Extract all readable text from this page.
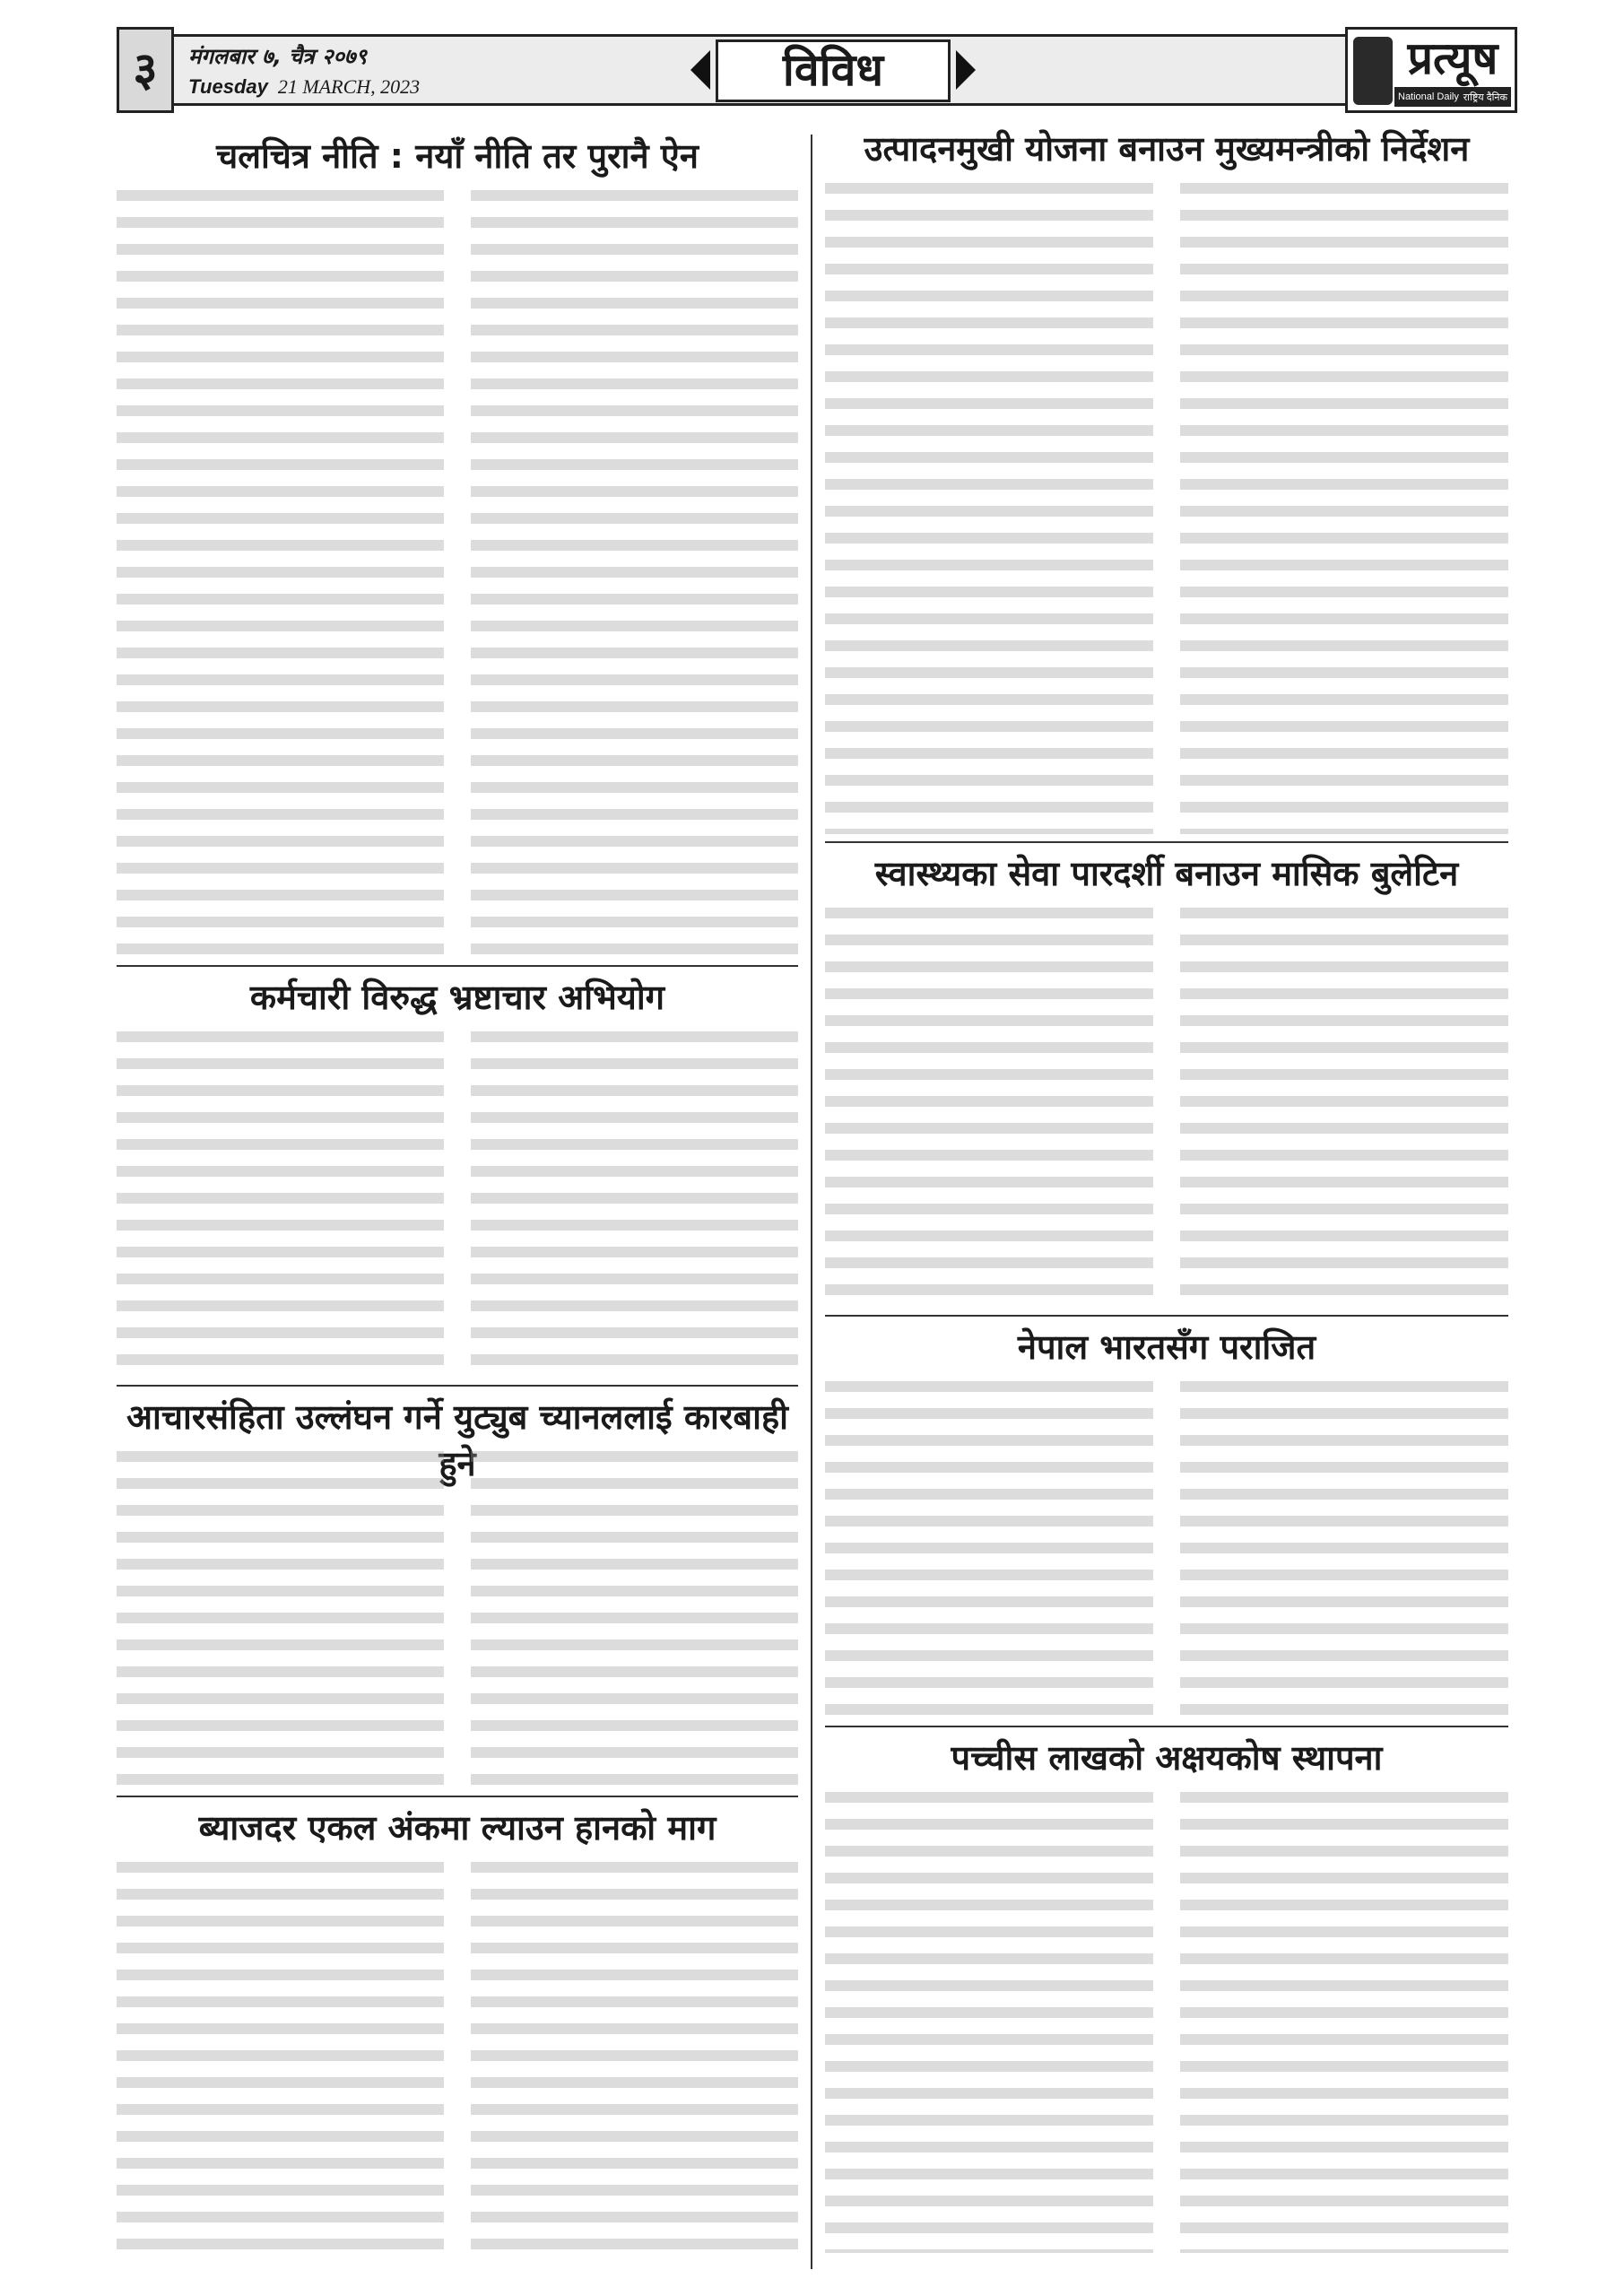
३	मंगलबार ७, चैत्र २०७९
Tuesday 21 MARCH, 2023	विविध	प्रत्यूष
National Daily राष्ट्रिय दैनिक
चलचित्र नीति : नयाँ नीति तर पुरानै ऐन
कर्मचारी विरुद्ध भ्रष्टाचार अभियोग
आचारसंहिता उल्लंघन गर्ने युट्युब च्यानललाई कारबाही हुने
ब्याजदर एकल अंकमा ल्याउन हानको माग
उत्पादनमुखी योजना बनाउन मुख्यमन्त्रीको निर्देशन
स्वास्थ्यका सेवा पारदर्शी बनाउन मासिक बुलेटिन
नेपाल भारतसँग पराजित
पच्चीस लाखको अक्षयकोष स्थापना
